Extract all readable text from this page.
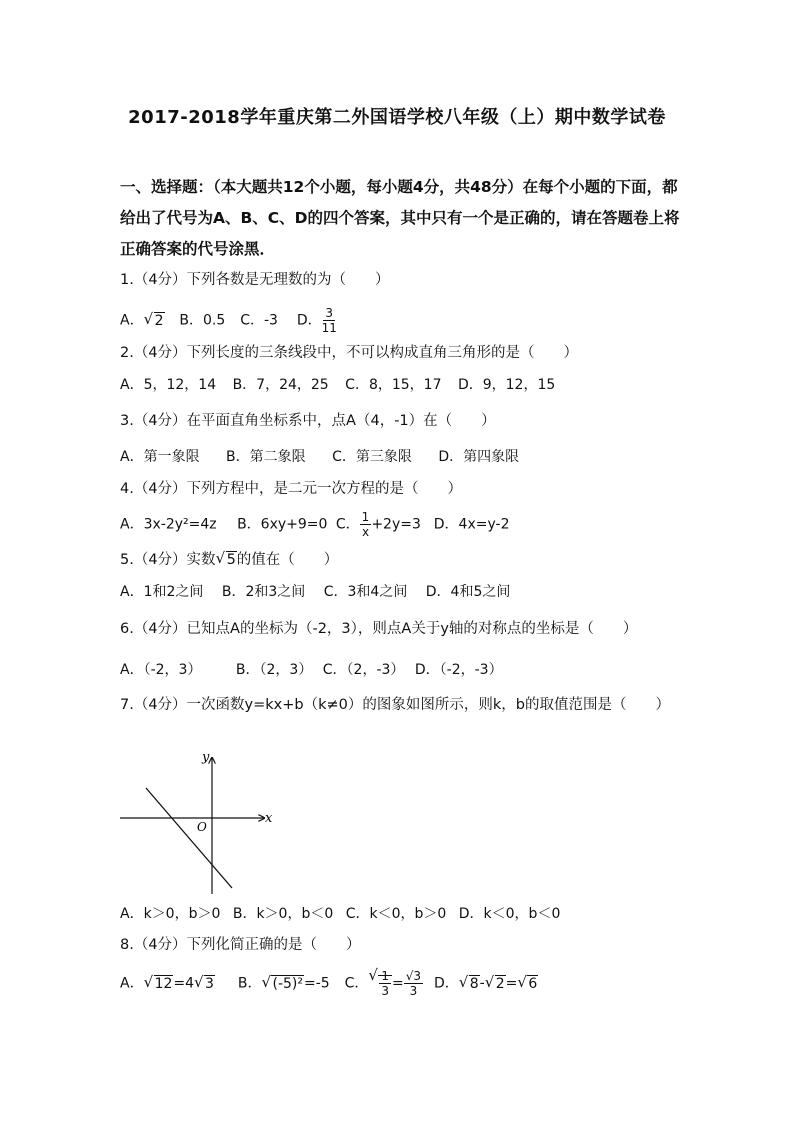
2017-2018学年重庆第二外国语学校八年级（上）期中数学试卷
一、选择题：（本大题共12个小题，每小题4分，共48分）在每个小题的下面，都给出了代号为A、B、C、D的四个答案，其中只有一个是正确的，请在答题卷上将正确答案的代号涂黑．
1.（4分）下列各数是无理数的为（　　）
A． √ 2 B．0.5 C．-3 D． $\frac{3}{11}$
2.（4分）下列长度的三条线段中，不可以构成直角三角形的是（　　）
A．5，12，14 B．7，24，25 C．8，15，17 D．9，12，15
3.（4分）在平面直角坐标系中，点A（4，-1）在（　　）
A．第一象限 B．第二象限 C．第三象限 D．第四象限
4.（4分）下列方程中，是二元一次方程的是（　　）
A．3x-2y²=4z B．6xy+9=0 C． $\frac{1}{x} +2y=3$ D．4x=y-2
5.（4分）实数 √ 5的值在（　　）
A．1和2之间 B．2和3之间 C．3和4之间 D．4和5之间
6.（4分）已知点A的坐标为（-2，3），则点A关于y轴的对称点的坐标是（　　）
A．（-2，3） B．（2，3） C．（2，-3） D．（-2，-3）
7.（4分）一次函数y=kx+b（k≠0）的图象如图所示，则k，b的取值范围是（　　）
x
y
O
A．k＞0，b＞0 B．k＞0，b＜0 C．k＜0，b＞0 D．k＜0，b＜0
8.（4分）下列化简正确的是（　　）
A． √ 12=4 √ 3 B． √ (-5)²=-5 C． √ $\frac{1}{3} = \frac{√3}{3}$ D． √ 8- √ 2= √ 6
